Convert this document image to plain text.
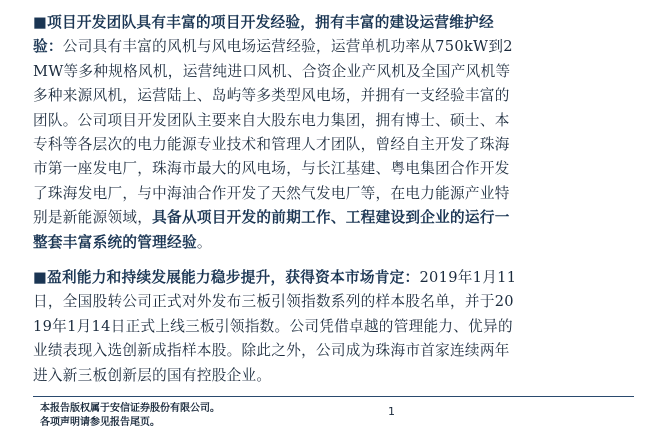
■项目开发团队具有丰富的项目开发经验，拥有丰富的建设运营维护经验：公司具有丰富的风机与风电场运营经验，运营单机功率从750kW到2MW等多种规格风机，运营纯进口风机、合资企业产风机及全国产风机等多种来源风机，运营陆上、岛屿等多类型风电场，并拥有一支经验丰富的团队。公司项目开发团队主要来自大股东电力集团，拥有博士、硕士、本专科等各层次的电力能源专业技术和管理人才团队，曾经自主开发了珠海市第一座发电厂，珠海市最大的风电场，与长江基建、粤电集团合作开发了珠海发电厂，与中海油合作开发了天然气发电厂等，在电力能源产业特别是新能源领域，具备从项目开发的前期工作、工程建设到企业的运行一整套丰富系统的管理经验。

■盈利能力和持续发展能力稳步提升，获得资本市场肯定：2019年1月11日，全国股转公司正式对外发布三板引领指数系列的样本股名单，并于2019年1月14日正式上线三板引领指数。公司凭借卓越的管理能力、优异的业绩表现入选创新成指样本股。除此之外，公司成为珠海市首家连续两年进入新三板创新层的国有控股企业。

本报告版权属于安信证券股份有限公司。
各项声明请参见报告尾页。
1
